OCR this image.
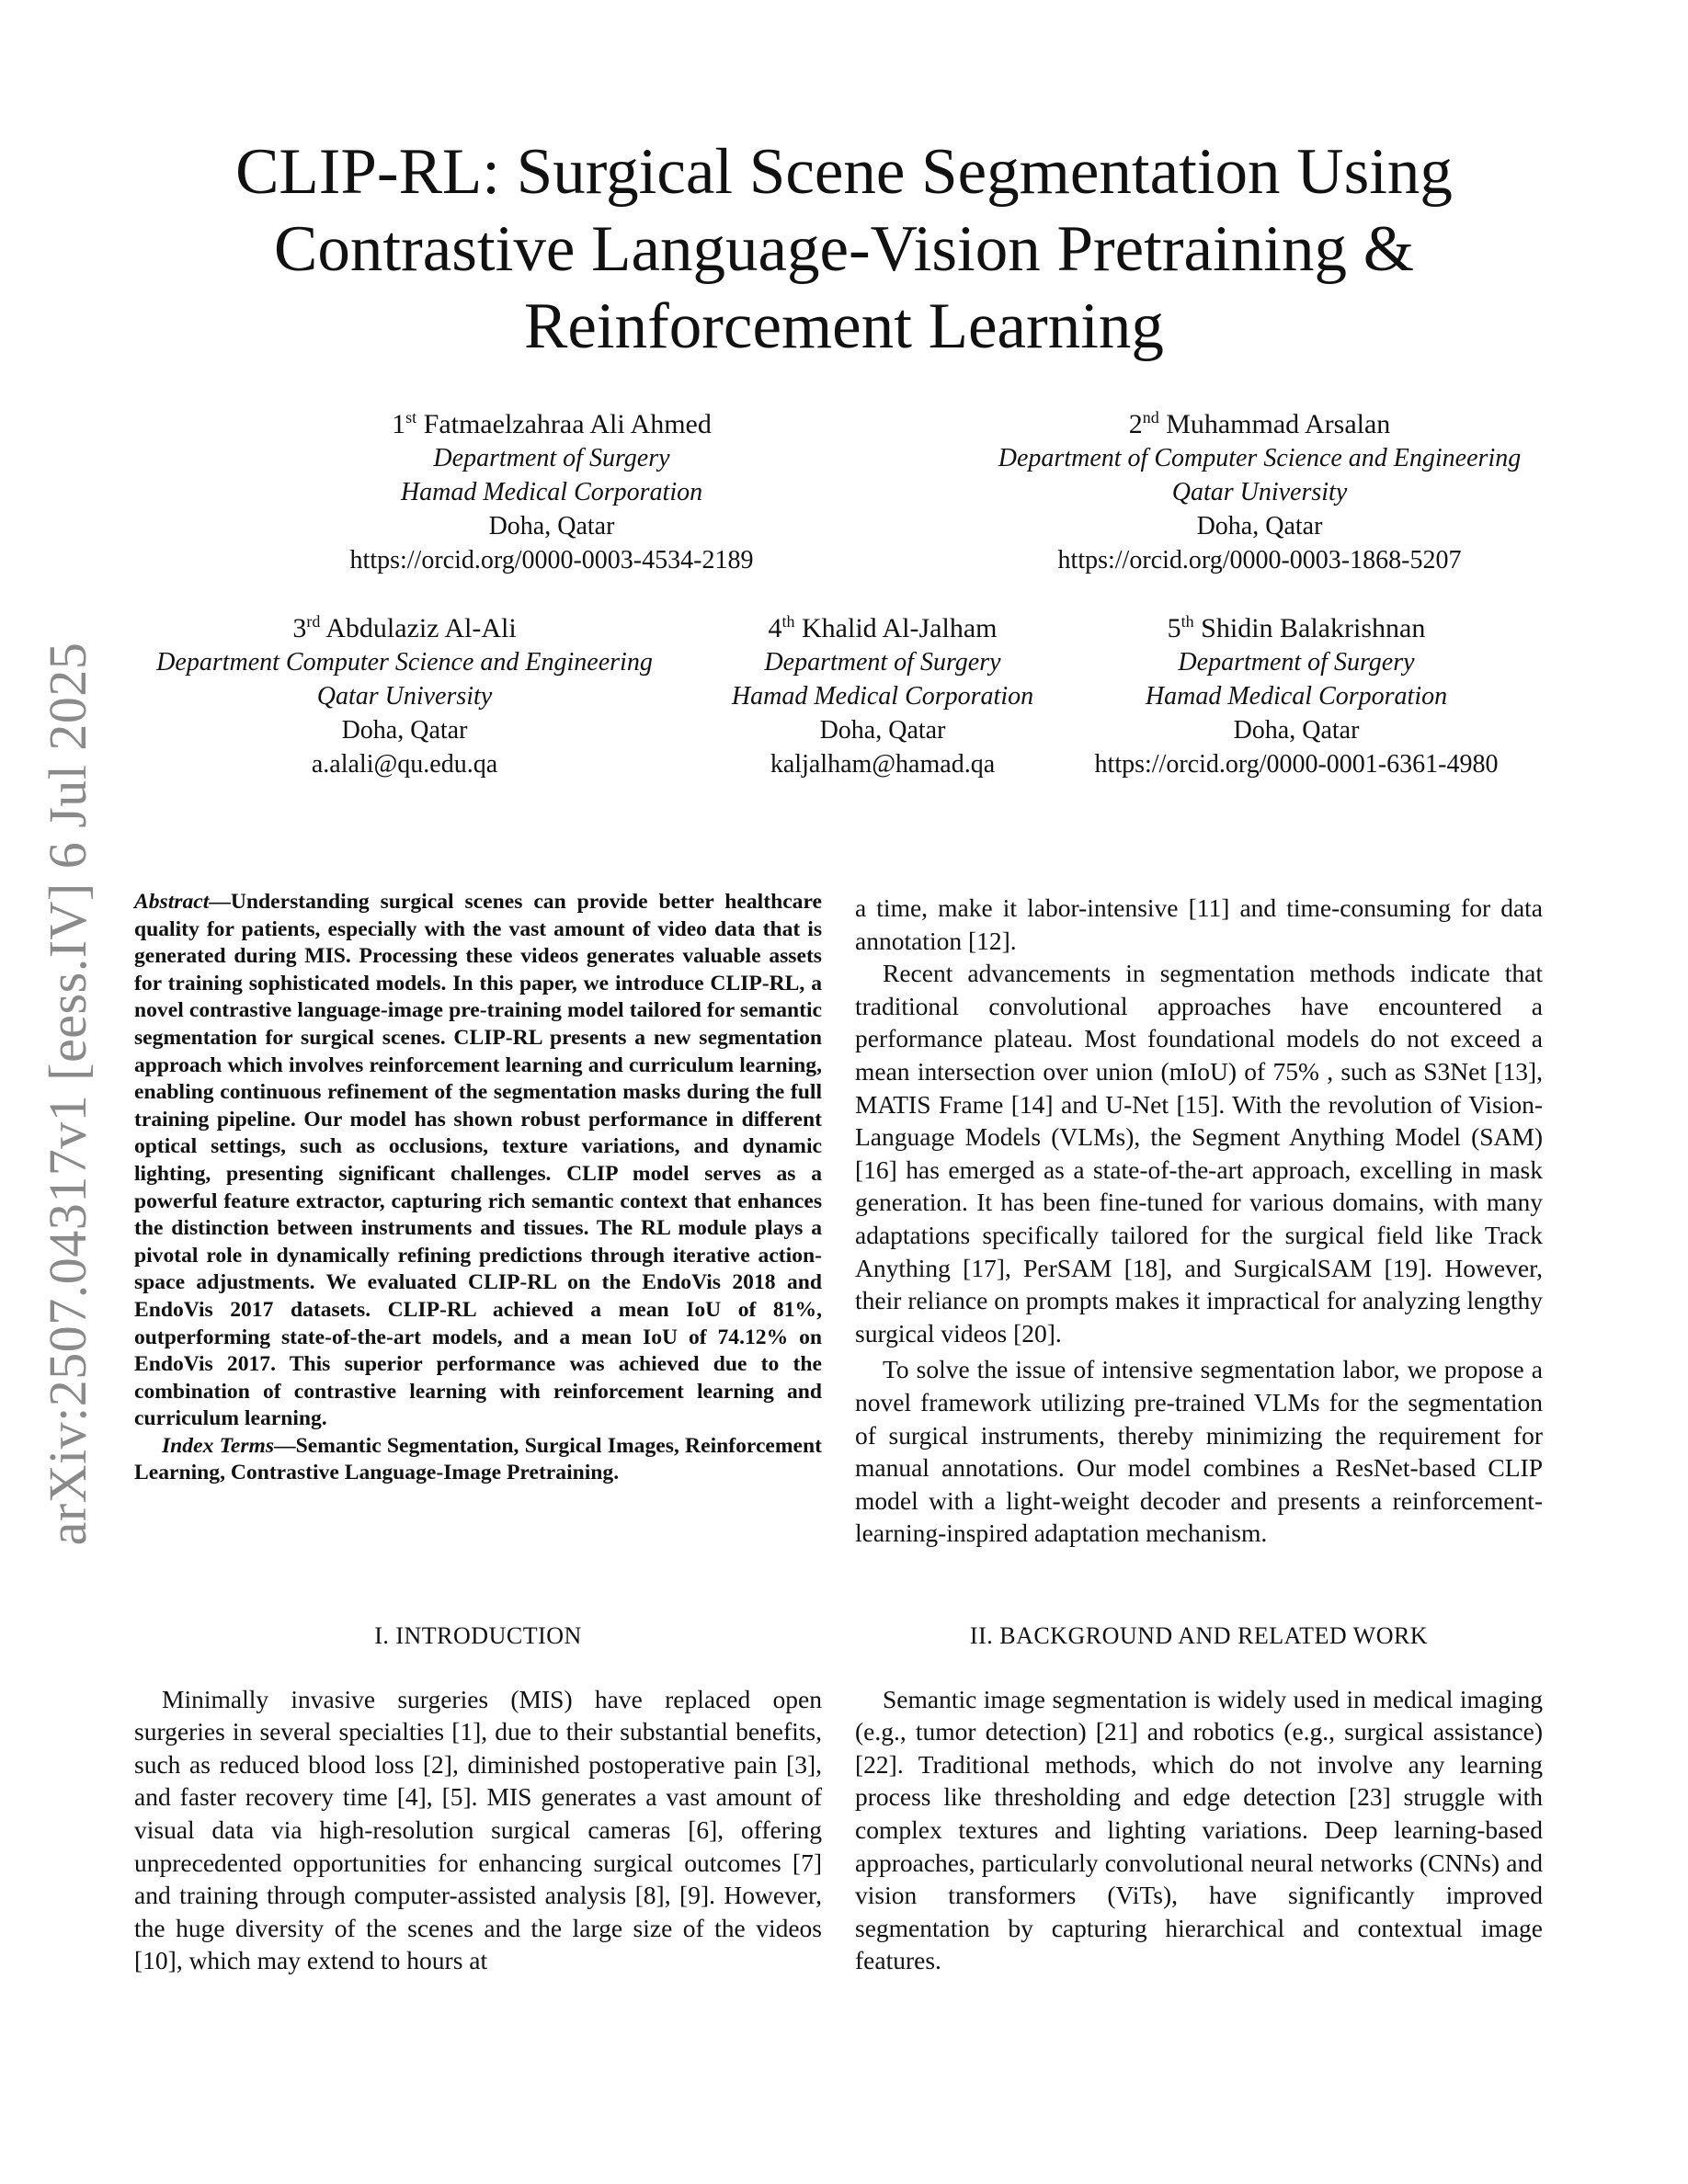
arXiv:2507.04317v1 [eess.IV] 6 Jul 2025
CLIP-RL: Surgical Scene Segmentation Using Contrastive Language-Vision Pretraining & Reinforcement Learning
1st Fatmaelzahraa Ali Ahmed
Department of Surgery
Hamad Medical Corporation
Doha, Qatar
https://orcid.org/0000-0003-4534-2189
2nd Muhammad Arsalan
Department of Computer Science and Engineering
Qatar University
Doha, Qatar
https://orcid.org/0000-0003-1868-5207
3rd Abdulaziz Al-Ali
Department Computer Science and Engineering
Qatar University
Doha, Qatar
a.alali@qu.edu.qa
4th Khalid Al-Jalham
Department of Surgery
Hamad Medical Corporation
Doha, Qatar
kaljalham@hamad.qa
5th Shidin Balakrishnan
Department of Surgery
Hamad Medical Corporation
Doha, Qatar
https://orcid.org/0000-0001-6361-4980

Abstract—Understanding surgical scenes can provide better healthcare quality for patients, especially with the vast amount of video data that is generated during MIS. Processing these videos generates valuable assets for training sophisticated models. In this paper, we introduce CLIP-RL, a novel contrastive language-image pre-training model tailored for semantic segmentation for surgical scenes. CLIP-RL presents a new segmentation approach which involves reinforcement learning and curriculum learning, enabling continuous refinement of the segmentation masks during the full training pipeline. Our model has shown robust performance in different optical settings, such as occlusions, texture variations, and dynamic lighting, presenting significant challenges. CLIP model serves as a powerful feature extractor, capturing rich semantic context that enhances the distinction between instruments and tissues. The RL module plays a pivotal role in dynamically refining predictions through iterative action-space adjustments. We evaluated CLIP-RL on the EndoVis 2018 and EndoVis 2017 datasets. CLIP-RL achieved a mean IoU of 81%, outperforming state-of-the-art models, and a mean IoU of 74.12% on EndoVis 2017. This superior performance was achieved due to the combination of contrastive learning with reinforcement learning and curriculum learning.

Index Terms—Semantic Segmentation, Surgical Images, Reinforcement Learning, Contrastive Language-Image Pretraining.

I. INTRODUCTION

Minimally invasive surgeries (MIS) have replaced open surgeries in several specialties [1], due to their substantial benefits, such as reduced blood loss [2], diminished postoperative pain [3], and faster recovery time [4], [5]. MIS generates a vast amount of visual data via high-resolution surgical cameras [6], offering unprecedented opportunities for enhancing surgical outcomes [7] and training through computer-assisted analysis [8], [9]. However, the huge diversity of the scenes and the large size of the videos [10], which may extend to hours at

a time, make it labor-intensive [11] and time-consuming for data annotation [12].

Recent advancements in segmentation methods indicate that traditional convolutional approaches have encountered a performance plateau. Most foundational models do not exceed a mean intersection over union (mIoU) of 75% , such as S3Net [13], MATIS Frame [14] and U-Net [15]. With the revolution of Vision-Language Models (VLMs), the Segment Anything Model (SAM) [16] has emerged as a state-of-the-art approach, excelling in mask generation. It has been fine-tuned for various domains, with many adaptations specifically tailored for the surgical field like Track Anything [17], PerSAM [18], and SurgicalSAM [19]. However, their reliance on prompts makes it impractical for analyzing lengthy surgical videos [20].

To solve the issue of intensive segmentation labor, we propose a novel framework utilizing pre-trained VLMs for the segmentation of surgical instruments, thereby minimizing the requirement for manual annotations. Our model combines a ResNet-based CLIP model with a light-weight decoder and presents a reinforcement-learning-inspired adaptation mechanism.

II. BACKGROUND AND RELATED WORK

Semantic image segmentation is widely used in medical imaging (e.g., tumor detection) [21] and robotics (e.g., surgical assistance) [22]. Traditional methods, which do not involve any learning process like thresholding and edge detection [23] struggle with complex textures and lighting variations. Deep learning-based approaches, particularly convolutional neural networks (CNNs) and vision transformers (ViTs), have significantly improved segmentation by capturing hierarchical and contextual image features.
